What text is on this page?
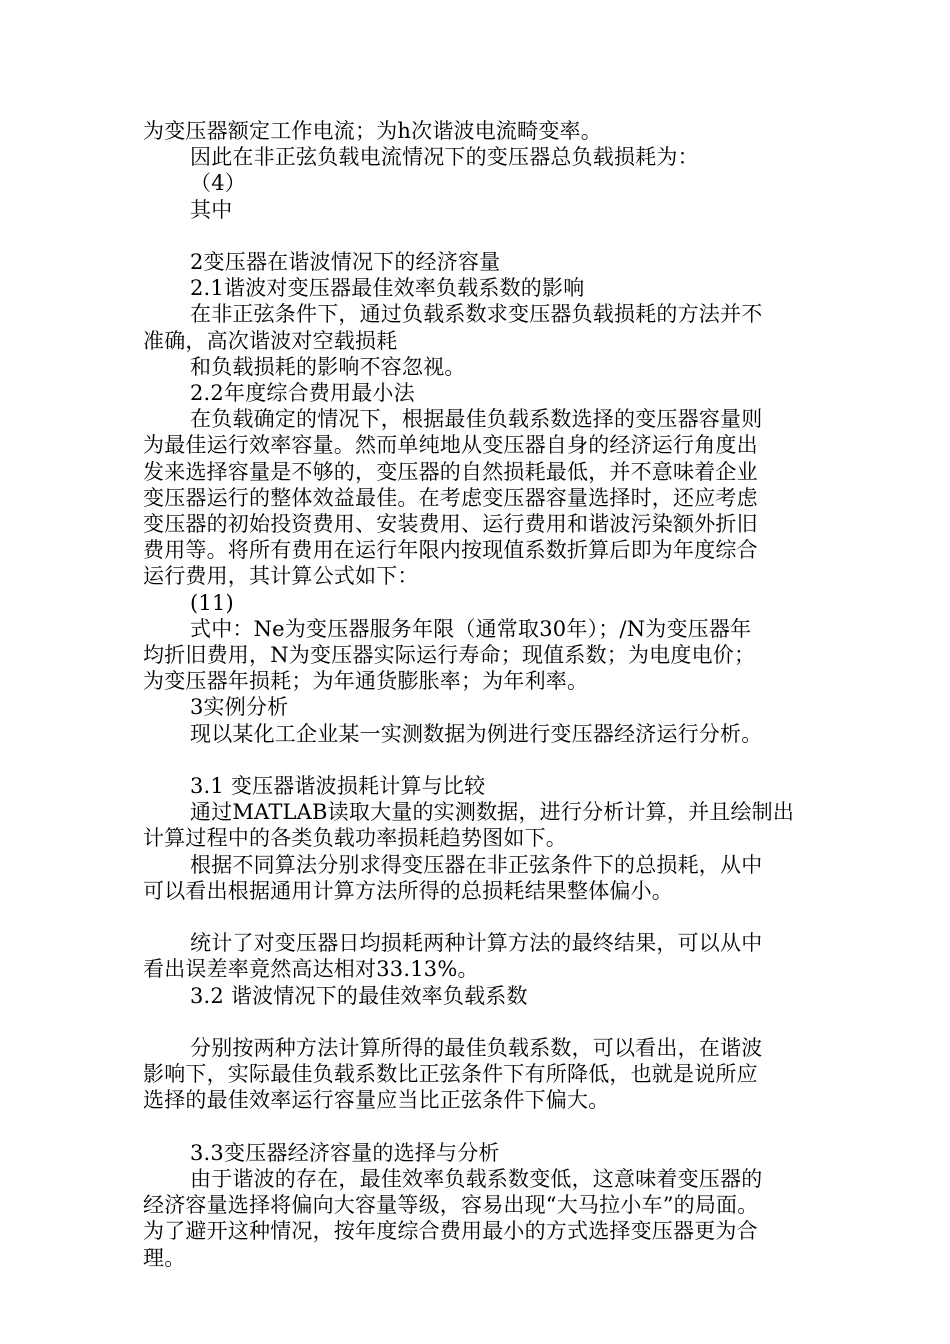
为变压器额定工作电流；为h次谐波电流畸变率。
因此在非正弦负载电流情况下的变压器总负载损耗为：
（4）
其中
2变压器在谐波情况下的经济容量
2.1谐波对变压器最佳效率负载系数的影响
在非正弦条件下，通过负载系数求变压器负载损耗的方法并不
准确，高次谐波对空载损耗
和负载损耗的影响不容忽视。
2.2年度综合费用最小法
在负载确定的情况下，根据最佳负载系数选择的变压器容量则
为最佳运行效率容量。然而单纯地从变压器自身的经济运行角度出
发来选择容量是不够的，变压器的自然损耗最低，并不意味着企业
变压器运行的整体效益最佳。在考虑变压器容量选择时，还应考虑
变压器的初始投资费用、安装费用、运行费用和谐波污染额外折旧
费用等。将所有费用在运行年限内按现值系数折算后即为年度综合
运行费用，其计算公式如下：
(11)
式中：Ne为变压器服务年限（通常取30年）；/N为变压器年
均折旧费用，N为变压器实际运行寿命；现值系数；为电度电价；
为变压器年损耗；为年通货膨胀率；为年利率。
3实例分析
现以某化工企业某一实测数据为例进行变压器经济运行分析。
3.1 变压器谐波损耗计算与比较
通过MATLAB读取大量的实测数据，进行分析计算，并且绘制出
计算过程中的各类负载功率损耗趋势图如下。
根据不同算法分别求得变压器在非正弦条件下的总损耗，从中
可以看出根据通用计算方法所得的总损耗结果整体偏小。
统计了对变压器日均损耗两种计算方法的最终结果，可以从中
看出误差率竟然高达相对33.13%。
3.2 谐波情况下的最佳效率负载系数
分别按两种方法计算所得的最佳负载系数，可以看出，在谐波
影响下，实际最佳负载系数比正弦条件下有所降低，也就是说所应
选择的最佳效率运行容量应当比正弦条件下偏大。
3.3变压器经济容量的选择与分析
由于谐波的存在，最佳效率负载系数变低，这意味着变压器的
经济容量选择将偏向大容量等级，容易出现“大马拉小车”的局面。
为了避开这种情况，按年度综合费用最小的方式选择变压器更为合
理。
